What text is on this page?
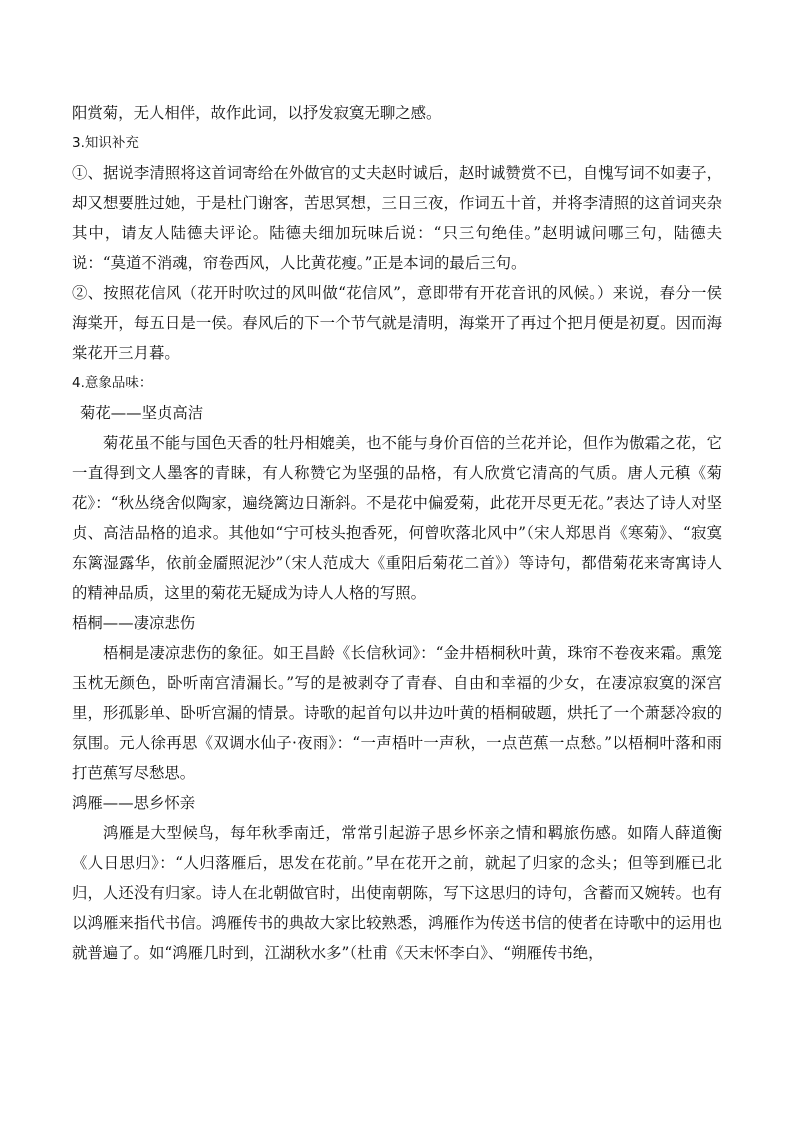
阳赏菊，无人相伴，故作此词，以抒发寂寞无聊之感。

3.知识补充

①、据说李清照将这首词寄给在外做官的丈夫赵时诚后，赵时诚赞赏不已，自愧写词不如妻子，却又想要胜过她，于是杜门谢客，苦思冥想，三日三夜，作词五十首，并将李清照的这首词夹杂其中，请友人陆德夫评论。陆德夫细加玩味后说：“只三句绝佳。”赵明诚问哪三句，陆德夫说：“莫道不消魂，帘卷西风，人比黄花瘦。”正是本词的最后三句。

②、按照花信风（花开时吹过的风叫做“花信风”，意即带有开花音讯的风候。）来说，春分一侯海棠开，每五日是一侯。春风后的下一个节气就是清明，海棠开了再过个把月便是初夏。因而海棠花开三月暮。

4.意象品味：

菊花——坚贞高洁

菊花虽不能与国色天香的牡丹相媲美，也不能与身价百倍的兰花并论，但作为傲霜之花，它一直得到文人墨客的青睐，有人称赞它为坚强的品格，有人欣赏它清高的气质。唐人元稹《菊花》：“秋丛绕舍似陶家，遍绕篱边日渐斜。不是花中偏爱菊，此花开尽更无花。”表达了诗人对坚贞、高洁品格的追求。其他如“宁可枝头抱香死，何曾吹落北风中”（宋人郑思肖《寒菊》、“寂寞东篱湿露华，依前金靥照泥沙”（宋人范成大《重阳后菊花二首》）等诗句，都借菊花来寄寓诗人的精神品质，这里的菊花无疑成为诗人人格的写照。

梧桐——凄凉悲伤

梧桐是凄凉悲伤的象征。如王昌龄《长信秋词》：“金井梧桐秋叶黄，珠帘不卷夜来霜。熏笼玉枕无颜色，卧听南宫清漏长。”写的是被剥夺了青春、自由和幸福的少女，在凄凉寂寞的深宫里，形孤影单、卧听宫漏的情景。诗歌的起首句以井边叶黄的梧桐破题，烘托了一个萧瑟冷寂的氛围。元人徐再思《双调水仙子·夜雨》：“一声梧叶一声秋，一点芭蕉一点愁。”以梧桐叶落和雨打芭蕉写尽愁思。

鸿雁——思乡怀亲

鸿雁是大型候鸟，每年秋季南迁，常常引起游子思乡怀亲之情和羁旅伤感。如隋人薛道衡《人日思归》：“人归落雁后，思发在花前。”早在花开之前，就起了归家的念头；但等到雁已北归，人还没有归家。诗人在北朝做官时，出使南朝陈，写下这思归的诗句，含蓄而又婉转。也有以鸿雁来指代书信。鸿雁传书的典故大家比较熟悉，鸿雁作为传送书信的使者在诗歌中的运用也就普遍了。如“鸿雁几时到，江湖秋水多”（杜甫《天末怀李白》、“朔雁传书绝，
